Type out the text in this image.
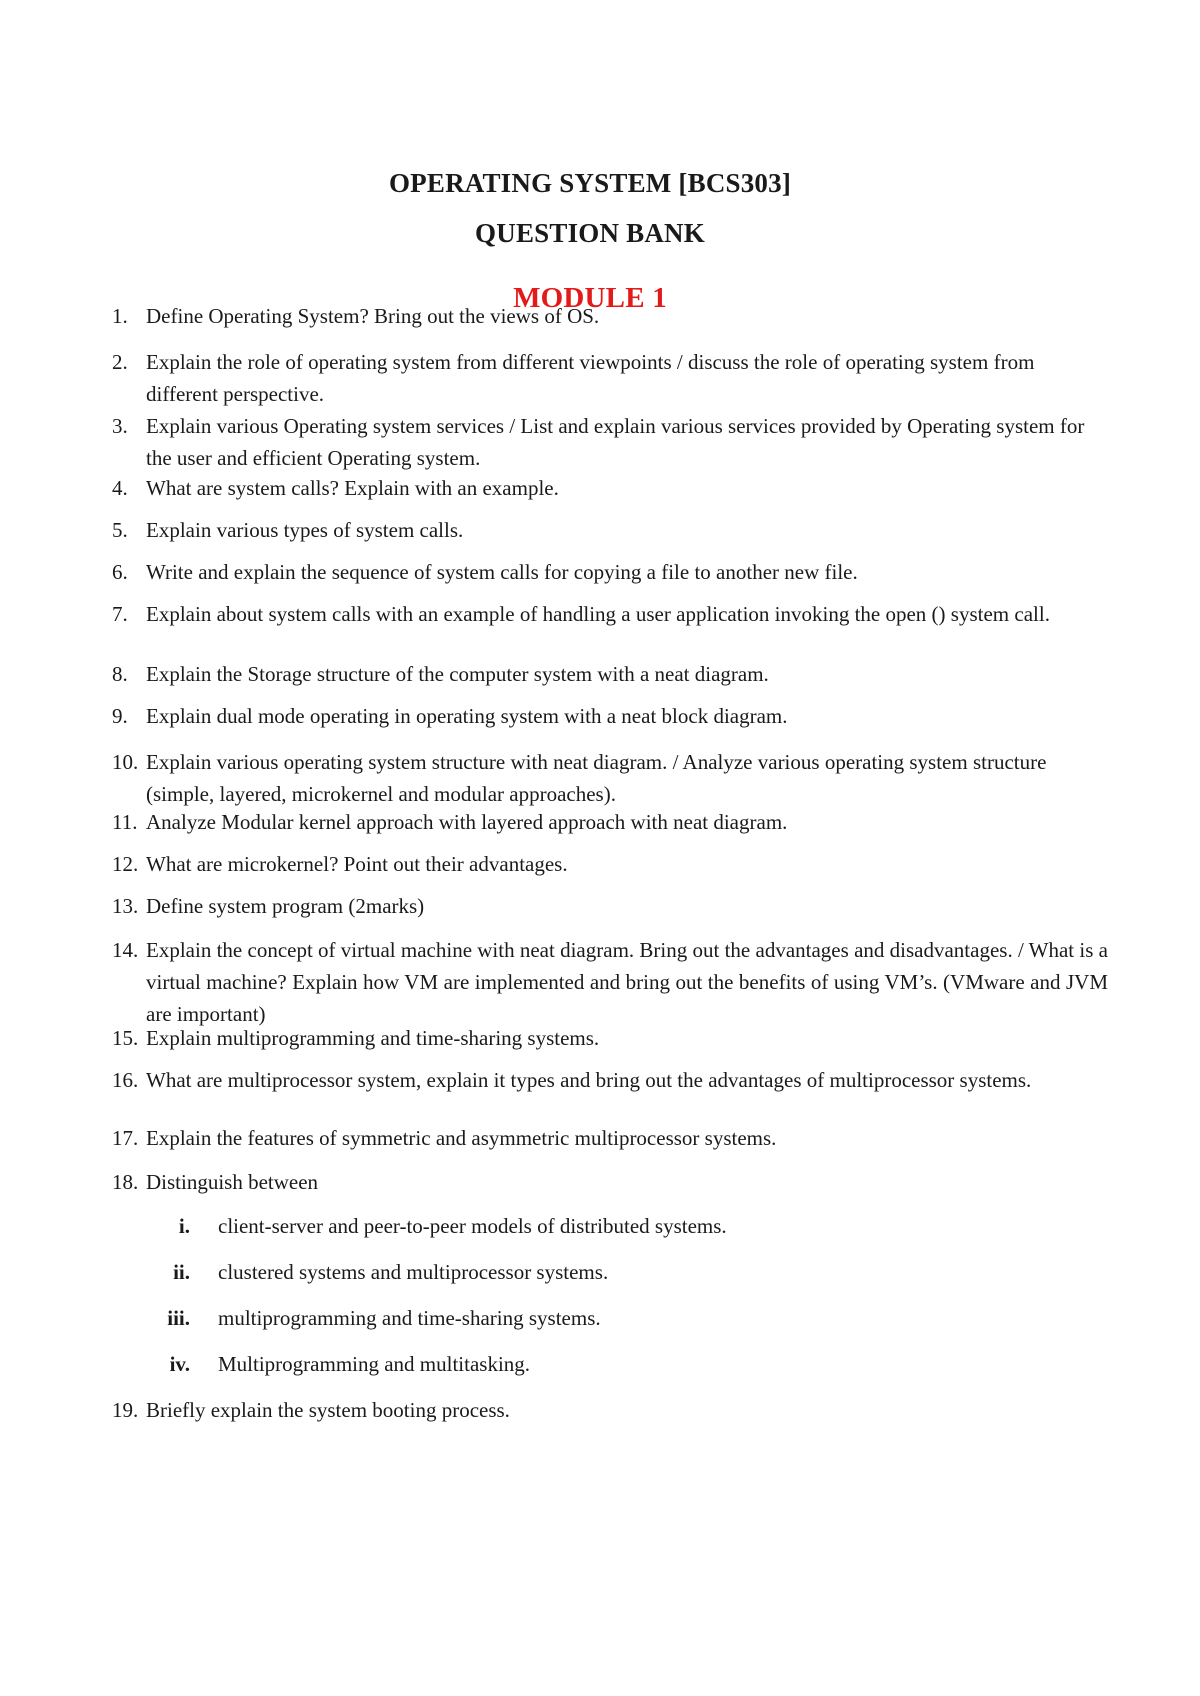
OPERATING SYSTEM [BCS303]
QUESTION BANK
MODULE 1
1. Define Operating System? Bring out the views of OS.
2. Explain the role of operating system from different viewpoints / discuss the role of operating system from different perspective.
3. Explain various Operating system services / List and explain various services provided by Operating system for the user and efficient Operating system.
4. What are system calls? Explain with an example.
5. Explain various types of system calls.
6. Write and explain the sequence of system calls for copying a file to another new file.
7. Explain about system calls with an example of handling a user application invoking the open () system call.
8. Explain the Storage structure of the computer system with a neat diagram.
9. Explain dual mode operating in operating system with a neat block diagram.
10. Explain various operating system structure with neat diagram. / Analyze various operating system structure (simple, layered, microkernel and modular approaches).
11. Analyze Modular kernel approach with layered approach with neat diagram.
12. What are microkernel? Point out their advantages.
13. Define system program (2marks)
14. Explain the concept of virtual machine with neat diagram. Bring out the advantages and disadvantages. / What is a virtual machine? Explain how VM are implemented and bring out the benefits of using VM’s. (VMware and JVM are important)
15. Explain multiprogramming and time-sharing systems.
16. What are multiprocessor system, explain it types and bring out the advantages of multiprocessor systems.
17. Explain the features of symmetric and asymmetric multiprocessor systems.
18. Distinguish between
i. client-server and peer-to-peer models of distributed systems.
ii. clustered systems and multiprocessor systems.
iii. multiprogramming and time-sharing systems.
iv. Multiprogramming and multitasking.
19. Briefly explain the system booting process.
